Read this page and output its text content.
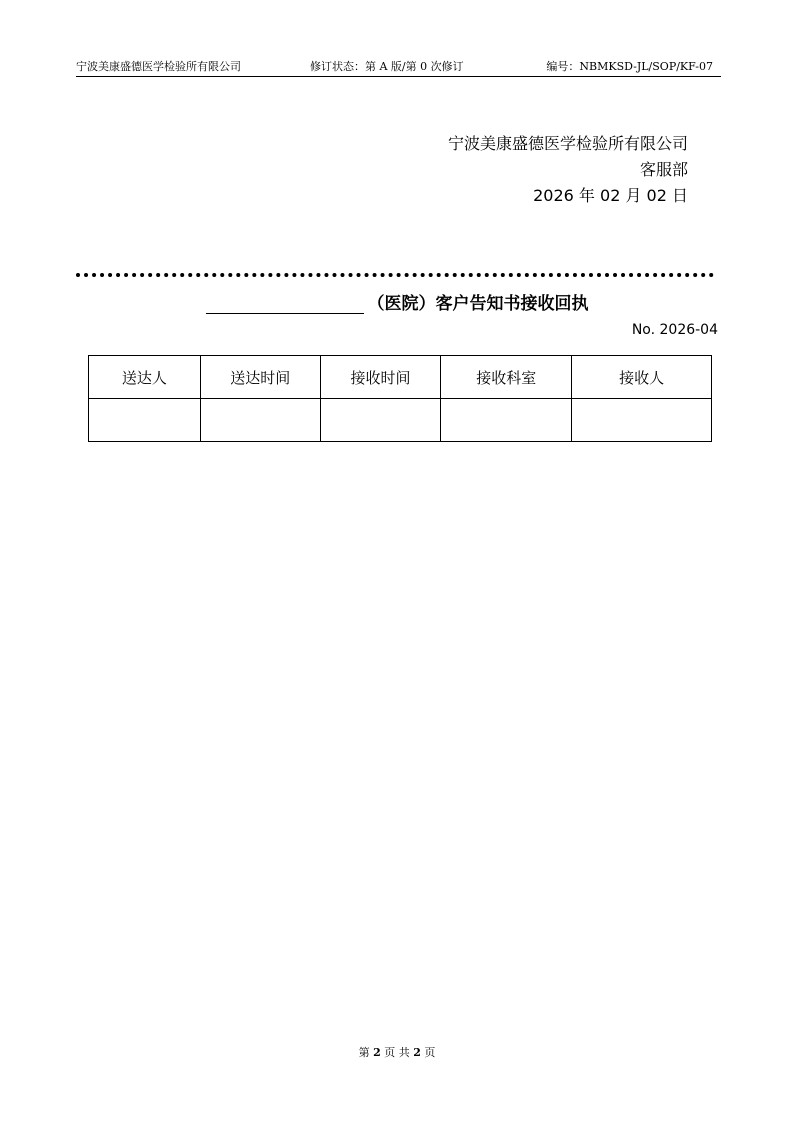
宁波美康盛德医学检验所有限公司	修订状态：第 A 版/第 0 次修订	编号：NBMKSD-JL/SOP/KF-07
宁波美康盛德医学检验所有限公司
客服部
2026 年 02 月 02 日
（医院）客户告知书接收回执
No. 2026-04
送达人	送达时间	接收时间	接收科室	接收人

第 2 页 共 2 页
